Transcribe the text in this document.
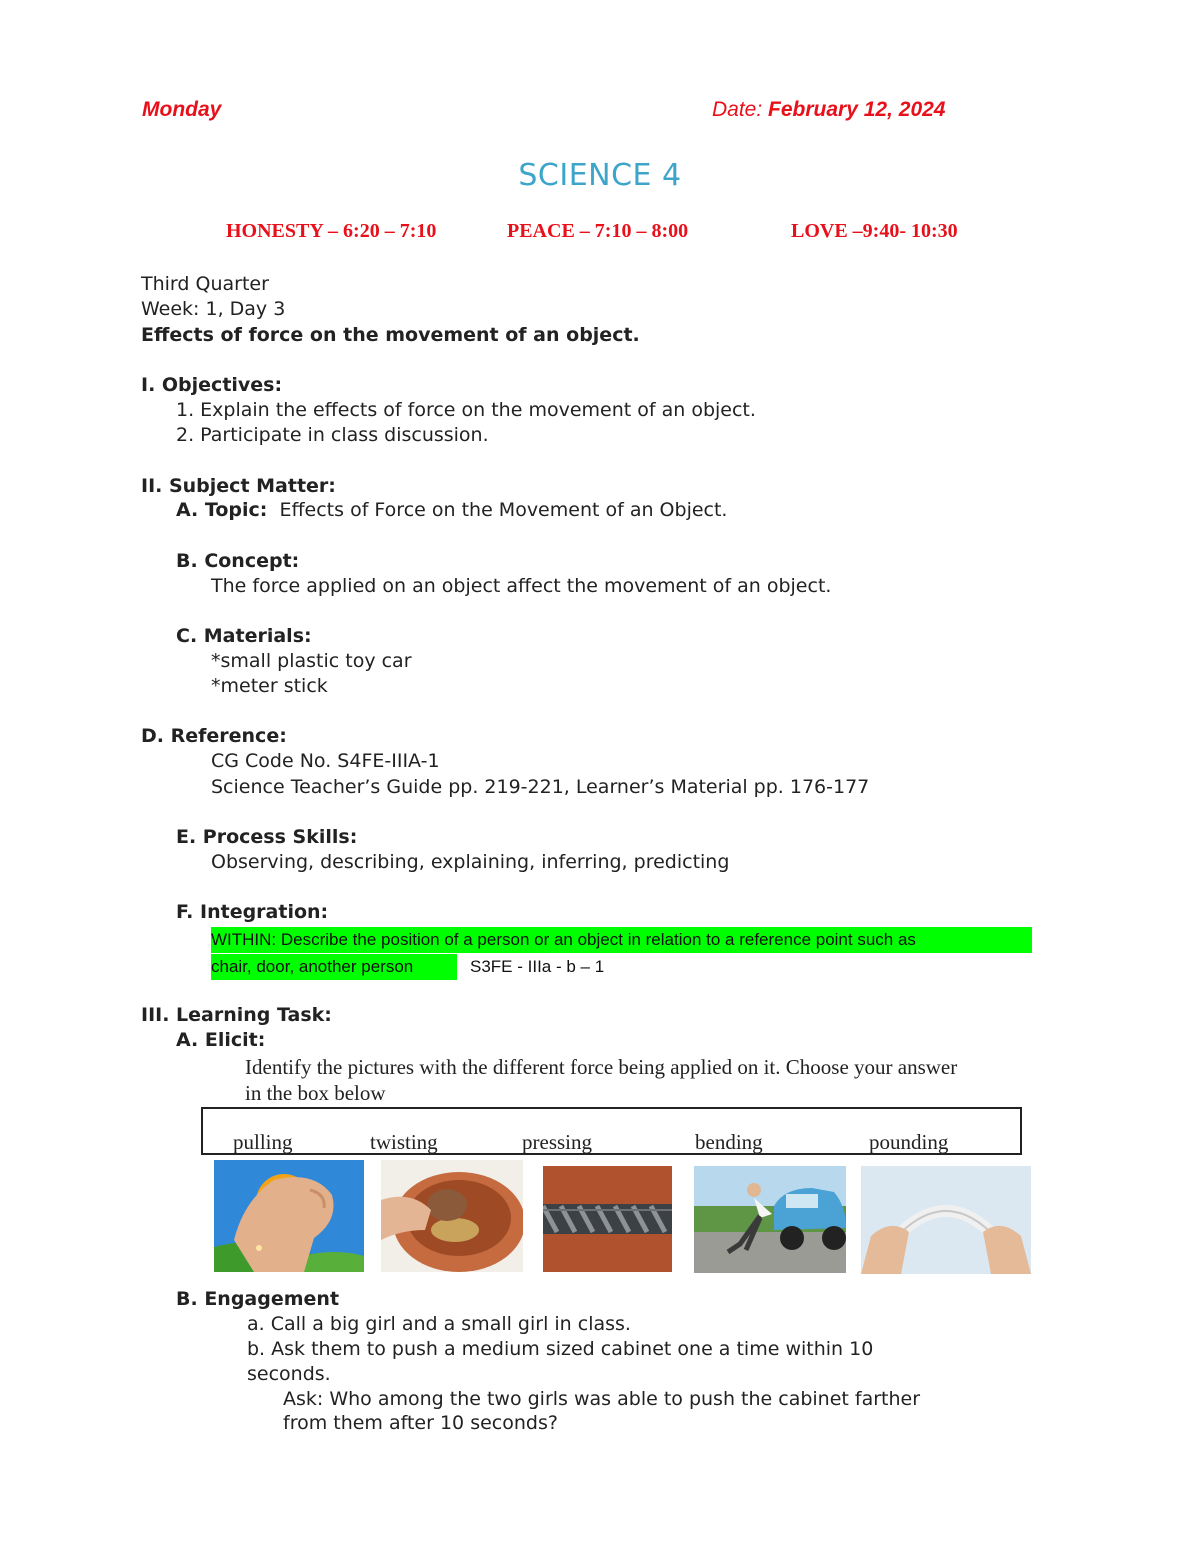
Monday	Date: February 12, 2024

SCIENCE 4

HONESTY – 6:20 – 7:10	PEACE – 7:10 – 8:00	LOVE –9:40- 10:30

Third Quarter

Week: 1, Day 3

Effects of force on the movement of an object.

I. Objectives:

1. Explain the effects of force on the movement of an object.

2. Participate in class discussion.

II. Subject Matter:

A. Topic: Effects of Force on the Movement of an Object.

B. Concept:

The force applied on an object affect the movement of an object.

C. Materials:

*small plastic toy car

*meter stick

D. Reference:

CG Code No. S4FE-IIIA-1

Science Teacher’s Guide pp. 219-221, Learner’s Material pp. 176-177

E. Process Skills:

Observing, describing, explaining, inferring, predicting

F. Integration:

WITHIN: Describe the position of a person or an object in relation to a reference point such as

chair, door, another person	S3FE - IIIa - b – 1

III. Learning Task:

A. Elicit:

Identify the pictures with the different force being applied on it. Choose your answer

in the box below

pulling	twisting	pressing	bending	pounding

B. Engagement

a. Call a big girl and a small girl in class.

b. Ask them to push a medium sized cabinet one a time within 10

seconds.

Ask: Who among the two girls was able to push the cabinet farther

from them after 10 seconds?
